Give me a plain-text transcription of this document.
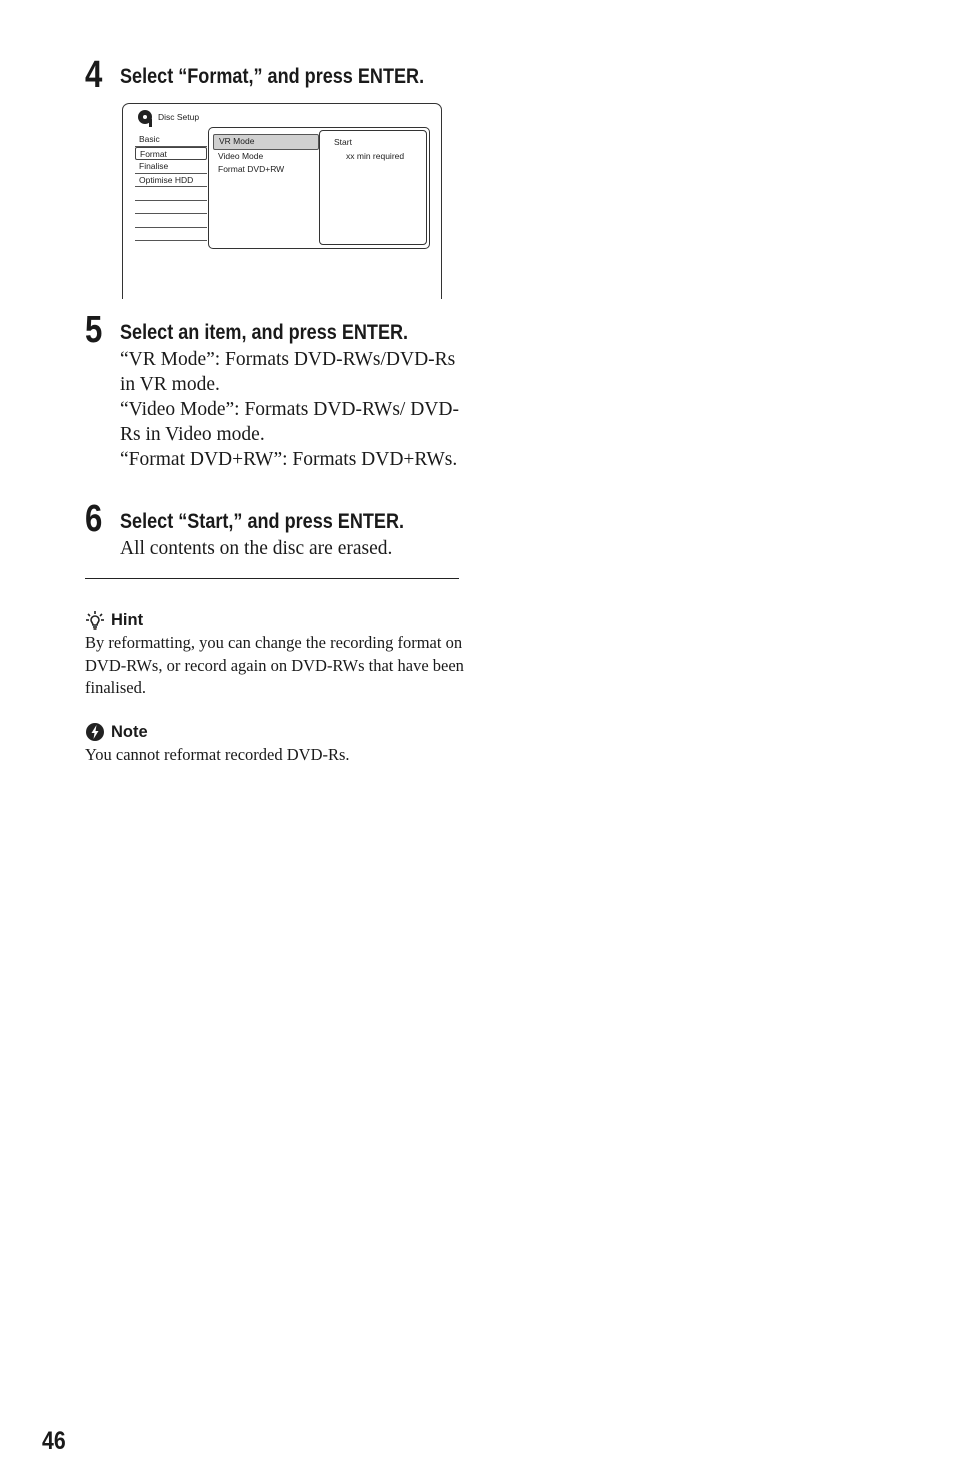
4 Select “Format,” and press ENTER.
Disc Setup
Basic
Format
Finalise
Optimise HDD
VR Mode
Video Mode
Format DVD+RW
Start
xx min required
5 Select an item, and press ENTER.

“VR Mode”: Formats DVD-RWs/DVD-Rs in VR mode.

“Video Mode”: Formats DVD-RWs/ DVD-Rs in Video mode.

“Format DVD+RW”: Formats DVD+RWs.

6 Select “Start,” and press ENTER.

All contents on the disc are erased.

Hint

By reformatting, you can change the recording format on DVD-RWs, or record again on DVD-RWs that have been finalised.

Note

You cannot reformat recorded DVD-Rs.

46
